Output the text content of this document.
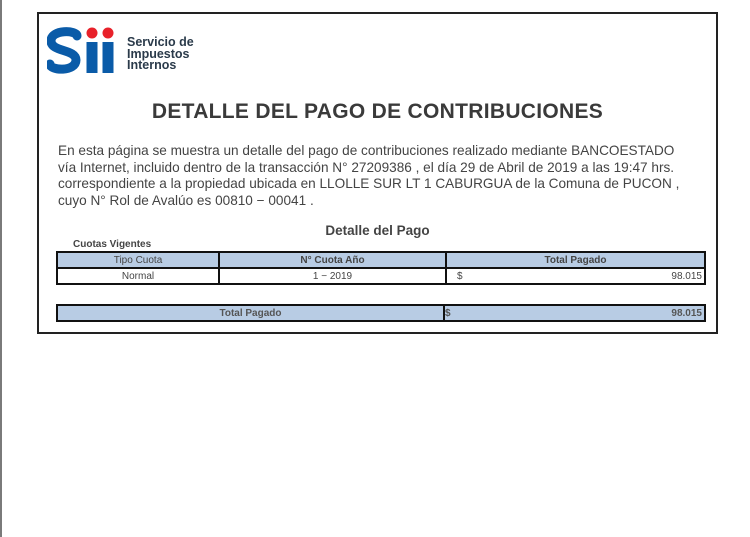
Servicio de
Impuestos
Internos
DETALLE DEL PAGO DE CONTRIBUCIONES
En esta página se muestra un detalle del pago de contribuciones realizado mediante BANCOESTADO
vía Internet, incluido dentro de la transacción N° 27209386 , el día 29 de Abril de 2019 a las 19:47 hrs.
correspondiente a la propiedad ubicada en LLOLLE SUR LT 1 CABURGUA de la Comuna de PUCON ,
cuyo N° Rol de Avalúo es 00810 − 00041 .
Detalle del Pago
Cuotas Vigentes
Tipo Cuota	N° Cuota Año	Total Pagado
Normal	1 − 2019	$ 98.015
Total Pagado	$	98.015
